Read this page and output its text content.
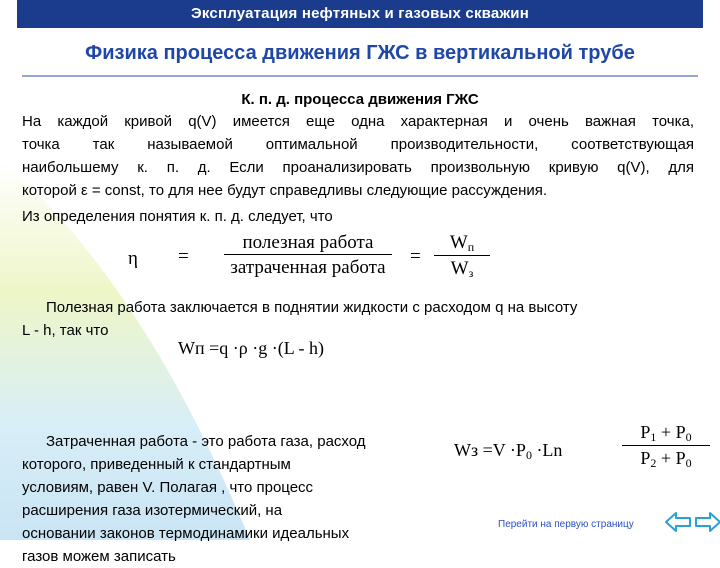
Эксплуатация нефтяных и газовых скважин
Физика процесса движения ГЖС в вертикальной трубе
К. п. д. процесса движения ГЖС
На каждой кривой q(V) имеется еще одна характерная и очень важная точка,
точка так называемой оптимальной производительности, соответствующая
наибольшему к. п. д. Если проанализировать произвольную кривую q(V), для
которой ε = const, то для нее будут справедливы следующие рассуждения.
Из определения понятия к. п. д. следует, что
η =
полезная работа
затраченная работа
=
$W_п$
$W_з$
Полезная работа заключается в поднятии жидкости с расходом q на высоту
L - h, так что
Wп =q ·ρ ·g ·(L - h)
Затраченная работа - это работа газа, расход
которого, приведенный к стандартным
условиям, равен V. Полагая , что процесс
расширения газа изотермический, на
основании законов термодинамики идеальных
газов можем записать
Wз $=V \cdot P_0 \cdot Ln$	$\frac{P_1 + P_0}{P_2 + P_0}$
Перейти на первую страницу
